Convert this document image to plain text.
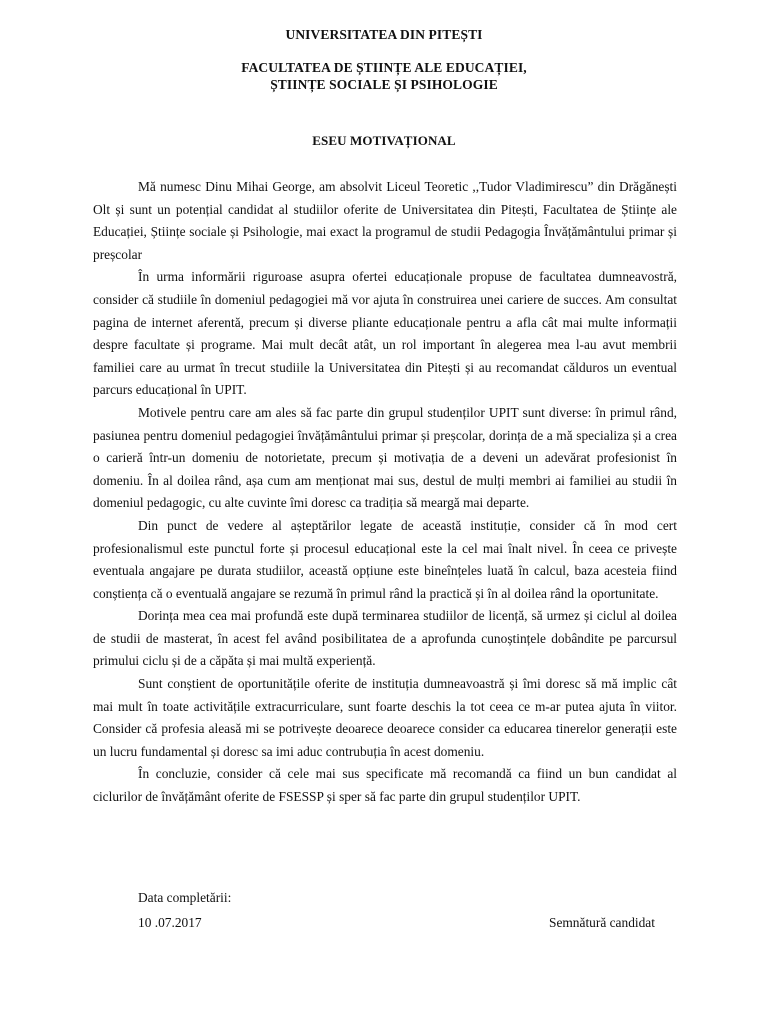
UNIVERSITATEA DIN PITEȘTI
FACULTATEA DE ȘTIINȚE ALE EDUCAȚIEI,
ȘTIINȚE SOCIALE ȘI PSIHOLOGIE
ESEU MOTIVAȚIONAL

Mă numesc Dinu Mihai George, am absolvit Liceul Teoretic ,,Tudor Vladimirescu” din Drăgănești Olt și sunt un potențial candidat al studiilor oferite de Universitatea din Pitești, Facultatea de Științe ale Educației, Științe sociale și Psihologie, mai exact la programul de studii Pedagogia Învățământului primar și preșcolar

În urma informării riguroase asupra ofertei educaționale propuse de facultatea dumneavostră, consider că studiile în domeniul pedagogiei mă vor ajuta în construirea unei cariere de succes. Am consultat pagina de internet aferentă, precum și diverse pliante educaționale pentru a afla cât mai multe informații despre facultate și programe. Mai mult decât atât, un rol important în alegerea mea l-au avut membrii familiei care au urmat în trecut studiile la Universitatea din Pitești și au recomandat călduros un eventual parcurs educațional în UPIT.

Motivele pentru care am ales să fac parte din grupul studenților UPIT sunt diverse: în primul rând, pasiunea pentru domeniul pedagogiei învățământului primar și preșcolar, dorința de a mă specializa și a crea o carieră într-un domeniu de notorietate, precum și motivația de a deveni un adevărat profesionist în domeniu. În al doilea rând, așa cum am menționat mai sus, destul de mulți membri ai familiei au studii în domeniul pedagogic, cu alte cuvinte îmi doresc ca tradiția să meargă mai departe.

Din punct de vedere al așteptărilor legate de această instituție, consider că în mod cert profesionalismul este punctul forte și procesul educațional este la cel mai înalt nivel. În ceea ce privește eventuala angajare pe durata studiilor, această opțiune este bineînțeles luată în calcul, baza acesteia fiind conștiența că o eventuală angajare se rezumă în primul rând la practică și în al doilea rând la oportunitate.

Dorința mea cea mai profundă este după terminarea studiilor de licență, să urmez și ciclul al doilea de studii de masterat, în acest fel având posibilitatea de a aprofunda cunoștințele dobândite pe parcursul primului ciclu și de a căpăta și mai multă experiență.

Sunt conștient de oportunitățile oferite de instituția dumneavoastră și îmi doresc să mă implic cât mai mult în toate activitățile extracurriculare, sunt foarte deschis la tot ceea ce m-ar putea ajuta în viitor. Consider că profesia aleasă mi se potrivește deoarece deoarece consider ca educarea tinerelor generații este un lucru fundamental și doresc sa imi aduc contrubuția în acest domeniu.

În concluzie, consider că cele mai sus specificate mă recomandă ca fiind un bun candidat al ciclurilor de învățământ oferite de FSESSP și sper să fac parte din grupul studenților UPIT.

Data completării:
10 .07.2017	Semnătură candidat
